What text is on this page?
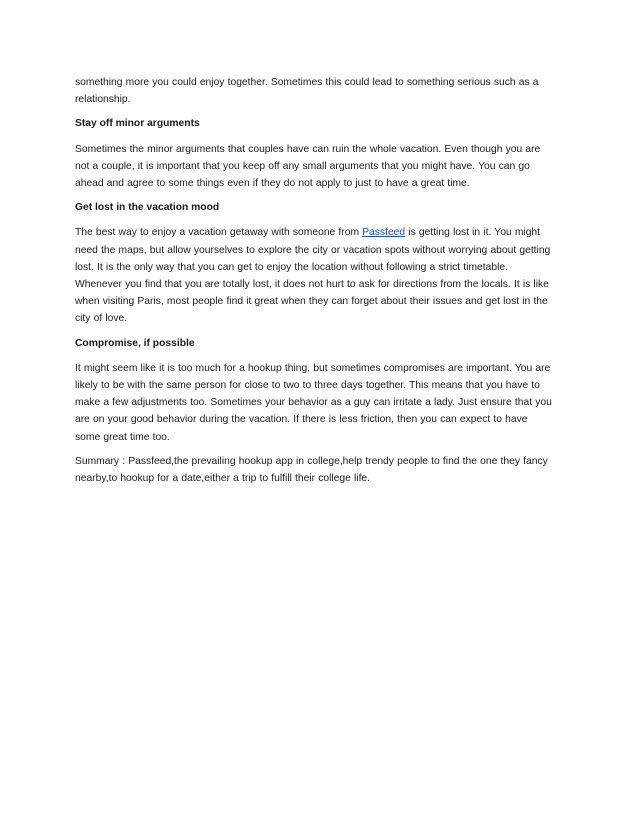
something more you could enjoy together. Sometimes this could lead to something serious such as a relationship.

Stay off minor arguments

Sometimes the minor arguments that couples have can ruin the whole vacation. Even though you are not a couple, it is important that you keep off any small arguments that you might have. You can go ahead and agree to some things even if they do not apply to just to have a great time.

Get lost in the vacation mood

The best way to enjoy a vacation getaway with someone from Passfeed is getting lost in it. You might need the maps, but allow yourselves to explore the city or vacation spots without worrying about getting lost. It is the only way that you can get to enjoy the location without following a strict timetable. Whenever you find that you are totally lost, it does not hurt to ask for directions from the locals. It is like when visiting Paris, most people find it great when they can forget about their issues and get lost in the city of love.

Compromise, if possible

It might seem like it is too much for a hookup thing, but sometimes compromises are important. You are likely to be with the same person for close to two to three days together. This means that you have to make a few adjustments too. Sometimes your behavior as a guy can irritate a lady. Just ensure that you are on your good behavior during the vacation. If there is less friction, then you can expect to have some great time too.

Summary : Passfeed,the prevailing hookup app in college,help trendy people to find the one they fancy nearby,to hookup for a date,either a trip to fulfill their college life.
